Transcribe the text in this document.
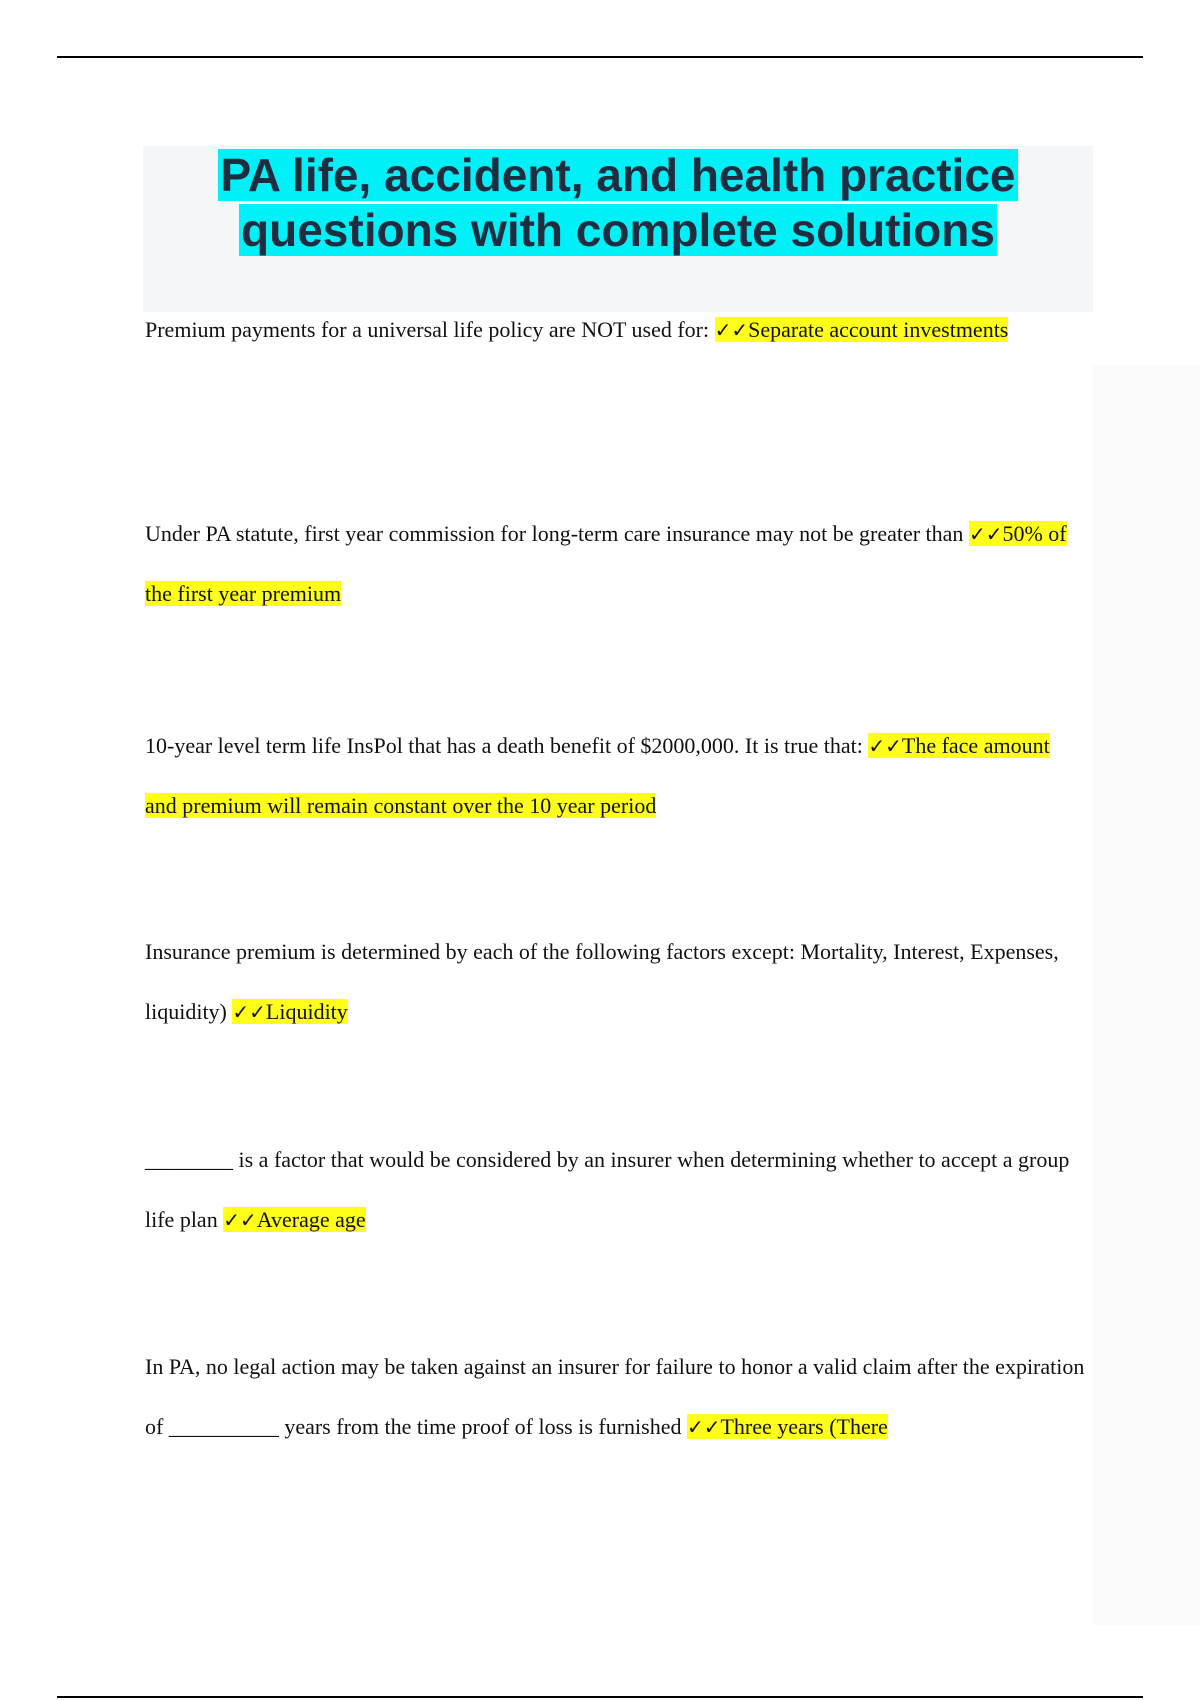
PA life, accident, and health practice questions with complete solutions

Premium payments for a universal life policy are NOT used for: ✓✓Separate account investments

Under PA statute, first year commission for long-term care insurance may not be greater than ✓✓50% of the first year premium

10-year level term life InsPol that has a death benefit of $2000,000. It is true that: ✓✓The face amount and premium will remain constant over the 10 year period

Insurance premium is determined by each of the following factors except: Mortality, Interest, Expenses, liquidity) ✓✓Liquidity

________ is a factor that would be considered by an insurer when determining whether to accept a group life plan ✓✓Average age

In PA, no legal action may be taken against an insurer for failure to honor a valid claim after the expiration of __________ years from the time proof of loss is furnished ✓✓Three years (There
